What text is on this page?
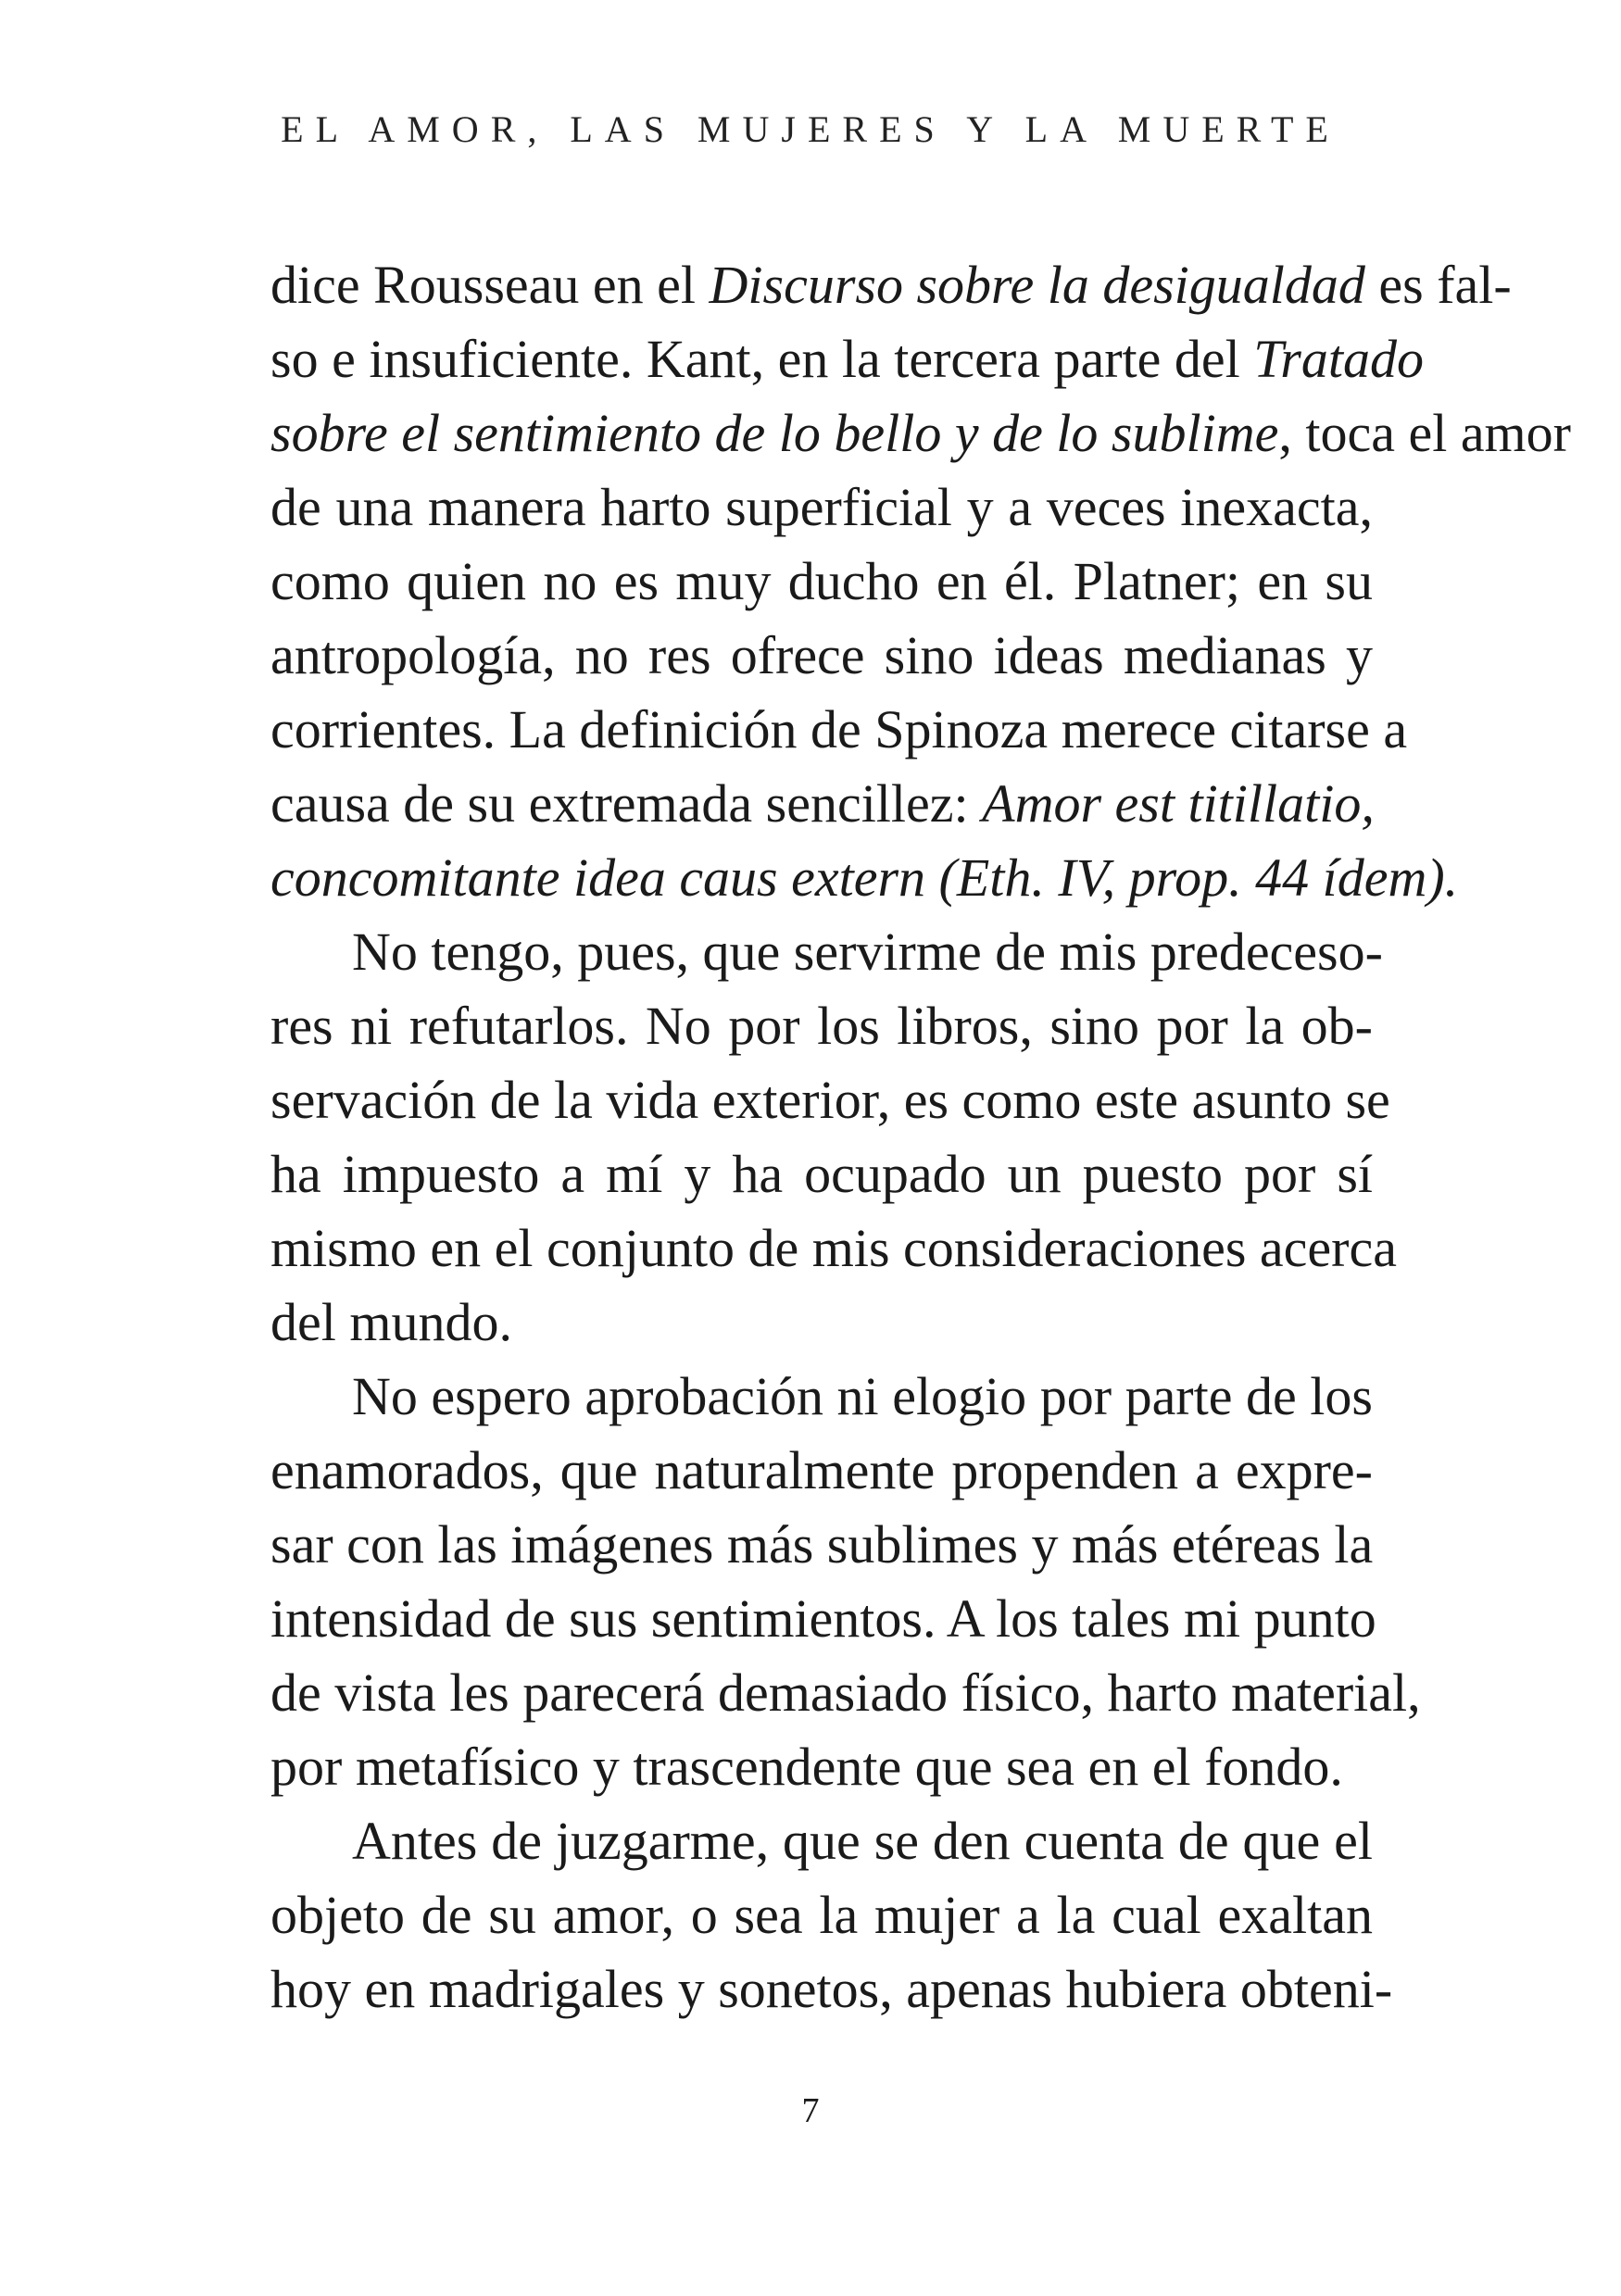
EL AMOR, LAS MUJERES Y LA MUERTE
dice Rousseau en el Discurso sobre la desigualdad es fal-
so e insuficiente. Kant, en la tercera parte del Tratado
sobre el sentimiento de lo bello y de lo sublime, toca el amor
de una manera harto superficial y a veces inexacta,
como quien no es muy ducho en él. Platner; en su
antropología, no res ofrece sino ideas medianas y
corrientes. La definición de Spinoza merece citarse a
causa de su extremada sencillez: Amor est titillatio,
concomitante idea caus extern (Eth. IV, prop. 44 ídem).
No tengo, pues, que servirme de mis predeceso-
res ni refutarlos. No por los libros, sino por la ob-
servación de la vida exterior, es como este asunto se
ha impuesto a mí y ha ocupado un puesto por sí
mismo en el conjunto de mis consideraciones acerca
del mundo.
No espero aprobación ni elogio por parte de los
enamorados, que naturalmente propenden a expre-
sar con las imágenes más sublimes y más etéreas la
intensidad de sus sentimientos. A los tales mi punto
de vista les parecerá demasiado físico, harto material,
por metafísico y trascendente que sea en el fondo.
Antes de juzgarme, que se den cuenta de que el
objeto de su amor, o sea la mujer a la cual exaltan
hoy en madrigales y sonetos, apenas hubiera obteni-
7
